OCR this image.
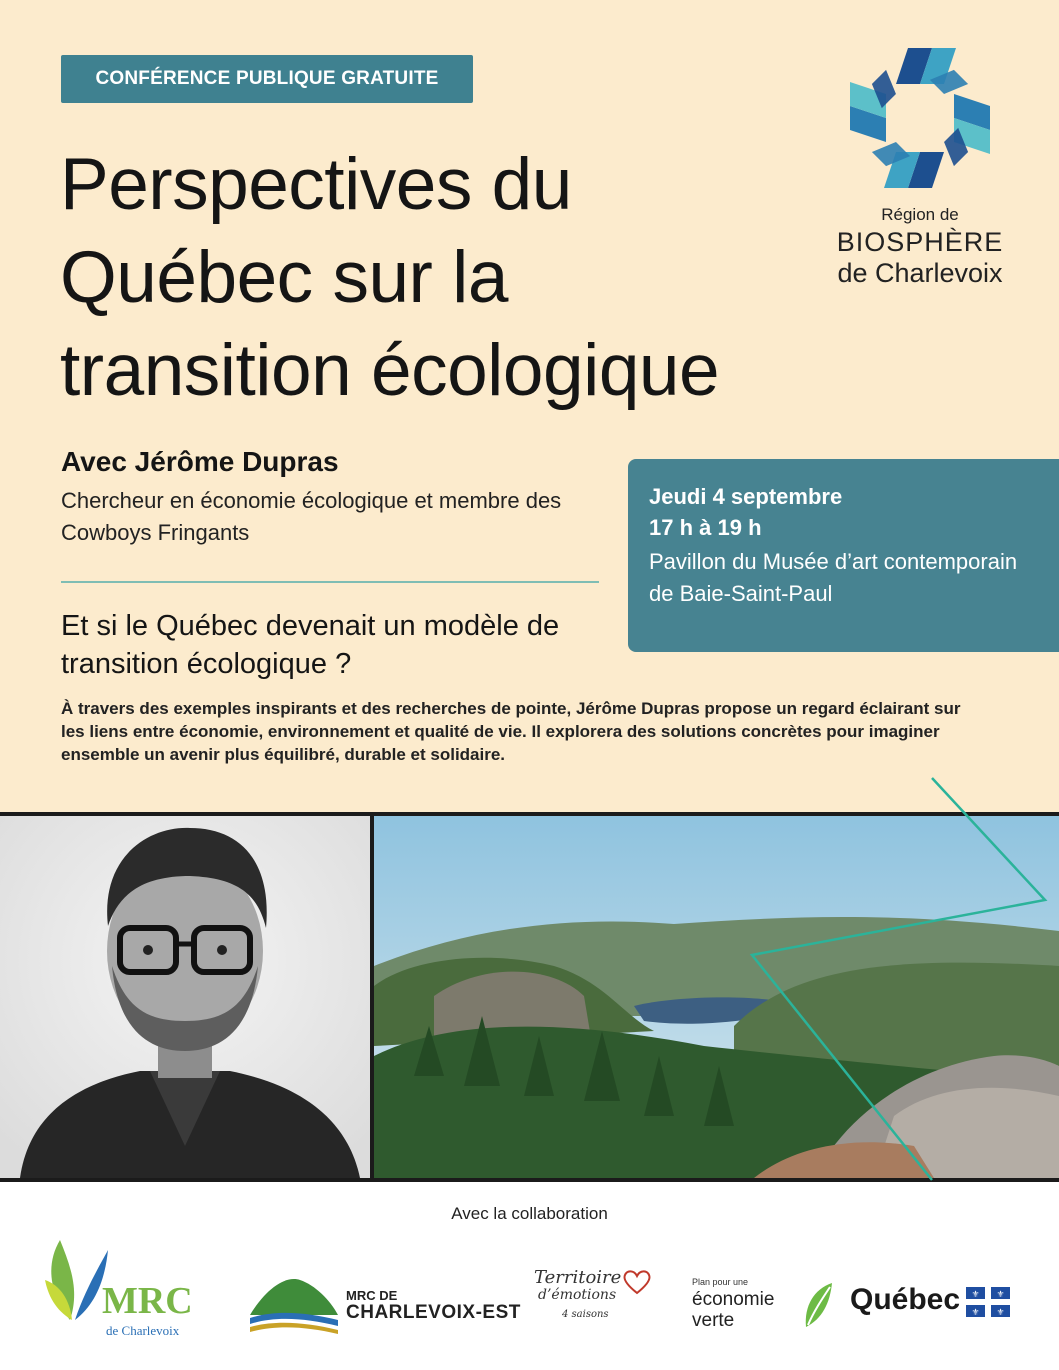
CONFÉRENCE PUBLIQUE GRATUITE
Perspectives du
Québec sur la
transition écologique
Région de
BIOSPHÈRE
de Charlevoix
Avec Jérôme Dupras
Chercheur en économie écologique et membre des Cowboys Fringants
Jeudi 4 septembre
17 h à 19 h
Pavillon du Musée d’art contemporain de Baie-Saint-Paul
Et si le Québec devenait un modèle de transition écologique ?
À travers des exemples inspirants et des recherches de pointe, Jérôme Dupras propose un regard éclairant sur les liens entre économie, environnement et qualité de vie. Il explorera des solutions concrètes pour imaginer ensemble un avenir plus équilibré, durable et solidaire.
Avec la collaboration
MRC
de Charlevoix
MRC DE
CHARLEVOIX-EST
Territoire
d’émotions
4 saisons
Plan pour une
économie
verte
Québec ⚜ ⚜
⚜ ⚜
